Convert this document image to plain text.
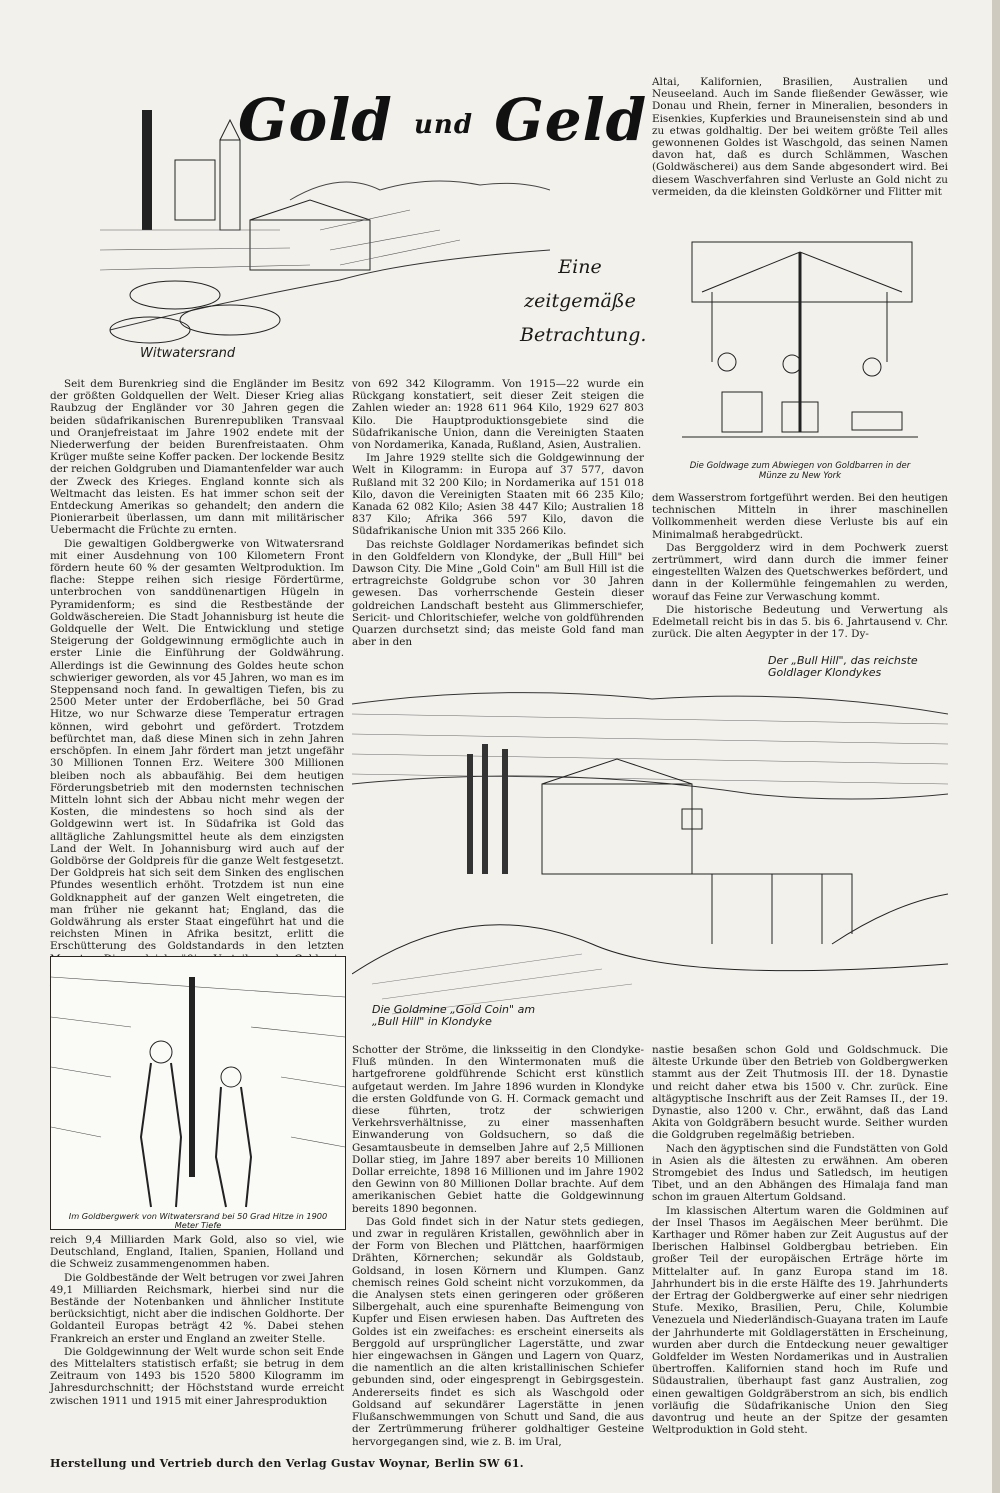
Gold und Geld
Eine
zeitgemäße
Betrachtung.
Witwatersrand

Seit dem Burenkrieg sind die Engländer im Besitz der größten Goldquellen der Welt. Dieser Krieg alias Raubzug der Engländer vor 30 Jahren gegen die beiden südafrikanischen Burenrepubliken Transvaal und Oranjefreistaat im Jahre 1902 endete mit der Niederwerfung der beiden Burenfreistaaten. Ohm Krüger mußte seine Koffer packen. Der lockende Besitz der reichen Goldgruben und Diamantenfelder war auch der Zweck des Krieges. England konnte sich als Weltmacht das leisten. Es hat immer schon seit der Entdeckung Amerikas so gehandelt; den andern die Pionierarbeit überlassen, um dann mit militärischer Uebermacht die Früchte zu ernten.

Die gewaltigen Goldbergwerke von Witwatersrand mit einer Ausdehnung von 100 Kilometern Front fördern heute 60 % der gesamten Weltproduktion. Im flache: Steppe reihen sich riesige Fördertürme, unterbrochen von sanddünenartigen Hügeln in Pyramidenform; es sind die Restbestände der Goldwäschereien. Die Stadt Johannisburg ist heute die Goldquelle der Welt. Die Entwicklung und stetige Steigerung der Goldgewinnung ermöglichte auch in erster Linie die Einführung der Goldwährung. Allerdings ist die Gewinnung des Goldes heute schon schwieriger geworden, als vor 45 Jahren, wo man es im Steppensand noch fand. In gewaltigen Tiefen, bis zu 2500 Meter unter der Erdoberfläche, bei 50 Grad Hitze, wo nur Schwarze diese Temperatur ertragen können, wird gebohrt und gefördert. Trotzdem befürchtet man, daß diese Minen sich in zehn Jahren erschöpfen. In einem Jahr fördert man jetzt ungefähr 30 Millionen Tonnen Erz. Weitere 300 Millionen bleiben noch als abbaufähig. Bei dem heutigen Förderungsbetrieb mit den modernsten technischen Mitteln lohnt sich der Abbau nicht mehr wegen der Kosten, die mindestens so hoch sind als der Goldgewinn wert ist. In Südafrika ist Gold das alltägliche Zahlungsmittel heute als dem einzigsten Land der Welt. In Johannisburg wird auch auf der Goldbörse der Goldpreis für die ganze Welt festgesetzt. Der Goldpreis hat sich seit dem Sinken des englischen Pfundes wesentlich erhöht. Trotzdem ist nun eine Goldknappheit auf der ganzen Welt eingetreten, die man früher nie gekannt hat; England, das die Goldwährung als erster Staat eingeführt hat und die reichsten Minen in Afrika besitzt, erlitt die Erschütterung des Goldstandards in den letzten

von 692 342 Kilogramm. Von 1915—22 wurde ein Rückgang konstatiert, seit dieser Zeit steigen die Zahlen wieder an: 1928 611 964 Kilo, 1929 627 803 Kilo. Die Hauptproduktionsgebiete sind die Südafrikanische Union, dann die Vereinigten Staaten von Nordamerika, Kanada, Rußland, Asien, Australien.

Im Jahre 1929 stellte sich die Goldgewinnung der Welt in Kilogramm: in Europa auf 37 577, davon Rußland mit 32 200 Kilo; in Nordamerika auf 151 018 Kilo, davon die Vereinigten Staaten mit 66 235 Kilo; Kanada 62 082 Kilo; Asien 38 447 Kilo; Australien 18 837 Kilo; Afrika 366 597 Kilo, davon die Südafrikanische Union mit 335 266 Kilo.

Das reichste Goldlager Nordamerikas befindet sich in den Goldfeldern von Klondyke, der „Bull Hill" bei Dawson City. Die Mine „Gold Coin" am Bull Hill ist die ertragreichste Goldgrube schon vor 30 Jahren gewesen. Das vorherrschende Gestein dieser goldreichen Landschaft besteht aus Glimmerschiefer, Sericit- und Chloritschiefer, welche von goldführenden Quarzen durchsetzt sind; das meiste Gold fand man aber in den

Altai, Kalifornien, Brasilien, Australien und Neuseeland. Auch im Sande fließender Gewässer, wie Donau und Rhein, ferner in Mineralien, besonders in Eisenkies, Kupferkies und Brauneisenstein sind ab und zu etwas goldhaltig. Der bei weitem größte Teil alles gewonnenen Goldes ist Waschgold, das seinen Namen davon hat, daß es durch Schlämmen, Waschen (Goldwäscherei) aus dem Sande abgesondert wird. Bei diesem Waschverfahren sind Verluste an Gold nicht zu vermeiden, da die kleinsten Goldkörner und Flitter mit

Die Goldwage zum Abwiegen von Goldbarren in der Münze zu New York

dem Wasserstrom fortgeführt werden. Bei den heutigen technischen Mitteln in ihrer maschinellen Vollkommenheit werden diese Verluste bis auf ein Minimalmaß herabgedrückt.

Das Berggolderz wird in dem Pochwerk zuerst zertrümmert, wird dann durch die immer feiner eingestellten Walzen des Quetschwerkes befördert, und dann in der Kollermühle feingemahlen zu werden, worauf das Feine zur Verwaschung kommt.

Die historische Bedeutung und Verwertung als Edelmetall reicht bis in das 5. bis 6. Jahrtausend v. Chr. zurück. Die alten Aegypter in der 17. Dy-

Der „Bull Hill", das reichste Goldlager Klondykes
Die Goldmine „Gold Coin" am „Bull Hill" in Klondyke
Im Goldbergwerk von Witwatersrand bei 50 Grad Hitze in 1900 Meter Tiefe

reich 9,4 Milliarden Mark Gold, also so viel, wie Deutschland, England, Italien, Spanien, Holland und die Schweiz zusammengenommen haben.

Die Goldbestände der Welt betrugen vor zwei Jahren 49,1 Milliarden Reichsmark, hierbei sind nur die Bestände der Notenbanken und ähnlicher Institute berücksichtigt, nicht aber die indischen Goldhorte. Der Goldanteil Europas beträgt 42 %. Dabei stehen Frankreich an erster und England an zweiter Stelle.

Die Goldgewinnung der Welt wurde schon seit Ende des Mittelalters statistisch erfaßt; sie betrug in dem Zeitraum von 1493 bis 1520 5800 Kilogramm im Jahresdurchschnitt; der Höchststand wurde erreicht zwischen 1911 und 1915 mit einer Jahresproduktion

Schotter der Ströme, die linksseitig in den Clondyke-Fluß münden. In den Wintermonaten muß die hartgefrorene goldführende Schicht erst künstlich aufgetaut werden. Im Jahre 1896 wurden in Klondyke die ersten Goldfunde von G. H. Cormack gemacht und diese führten, trotz der schwierigen Verkehrsverhältnisse, zu einer massenhaften Einwanderung von Goldsuchern, so daß die Gesamtausbeute in demselben Jahre auf 2,5 Millionen Dollar stieg, im Jahre 1897 aber bereits 10 Millionen Dollar erreichte, 1898 16 Millionen und im Jahre 1902 den Gewinn von 80 Millionen Dollar brachte. Auf dem amerikanischen Gebiet hatte die Goldgewinnung bereits 1890 begonnen.

Das Gold findet sich in der Natur stets gediegen, und zwar in regulären Kristallen, gewöhnlich aber in der Form von Blechen und Plättchen, haarförmigen Drähten, Körnerchen; sekundär als Goldstaub, Goldsand, in losen Körnern und Klumpen. Ganz chemisch reines Gold scheint nicht vorzukommen, da die Analysen stets einen geringeren oder größeren Silbergehalt, auch eine spurenhafte Beimengung von Kupfer und Eisen erwiesen haben. Das Auftreten des Goldes ist ein zweifaches: es erscheint einerseits als Berggold auf ursprünglicher Lagerstätte, und zwar hier eingewachsen in Gängen und Lagern von Quarz, die namentlich an die alten kristallinischen Schiefer gebunden sind, oder eingesprengt in Gebirgsgestein. Andererseits findet es sich als Waschgold oder Goldsand auf sekundärer Lagerstätte in jenen Flußanschwemmungen von Schutt und Sand, die aus der Zertrümmerung früherer goldhaltiger Gesteine hervorgegangen sind, wie z. B. im Ural,

nastie besaßen schon Gold und Goldschmuck. Die älteste Urkunde über den Betrieb von Goldbergwerken stammt aus der Zeit Thutmosis III. der 18. Dynastie und reicht daher etwa bis 1500 v. Chr. zurück. Eine altägyptische Inschrift aus der Zeit Ramses II., der 19. Dynastie, also 1200 v. Chr., erwähnt, daß das Land Akita von Goldgräbern besucht wurde. Seither wurden die Goldgruben regelmäßig betrieben.

Nach den ägyptischen sind die Fundstätten von Gold in Asien als die ältesten zu erwähnen. Am oberen Stromgebiet des Indus und Satledsch, im heutigen Tibet, und an den Abhängen des Himalaja fand man schon im grauen Altertum Goldsand.

Im klassischen Altertum waren die Goldminen auf der Insel Thasos im Aegäischen Meer berühmt. Die Karthager und Römer haben zur Zeit Augustus auf der Iberischen Halbinsel Goldbergbau betrieben. Ein großer Teil der europäischen Erträge hörte im Mittelalter auf. In ganz Europa stand im 18. Jahrhundert bis in die erste Hälfte des 19. Jahrhunderts der Ertrag der Goldbergwerke auf einer sehr niedrigen Stufe. Mexiko, Brasilien, Peru, Chile, Kolumbie Venezuela und Niederländisch-Guayana traten im Laufe der Jahrhunderte mit Goldlagerstätten in Erscheinung, wurden aber durch die Entdeckung neuer gewaltiger Goldfelder im Westen Nordamerikas und in Australien übertroffen. Kalifornien stand hoch im Rufe und Südaustralien, überhaupt fast ganz Australien, zog einen gewaltigen Goldgräberstrom an sich, bis endlich vorläufig die Südafrikanische Union den Sieg davontrug und heute an der Spitze der gesamten Weltproduktion in Gold steht.

Herstellung und Vertrieb durch den Verlag Gustav Woynar, Berlin SW 61.
